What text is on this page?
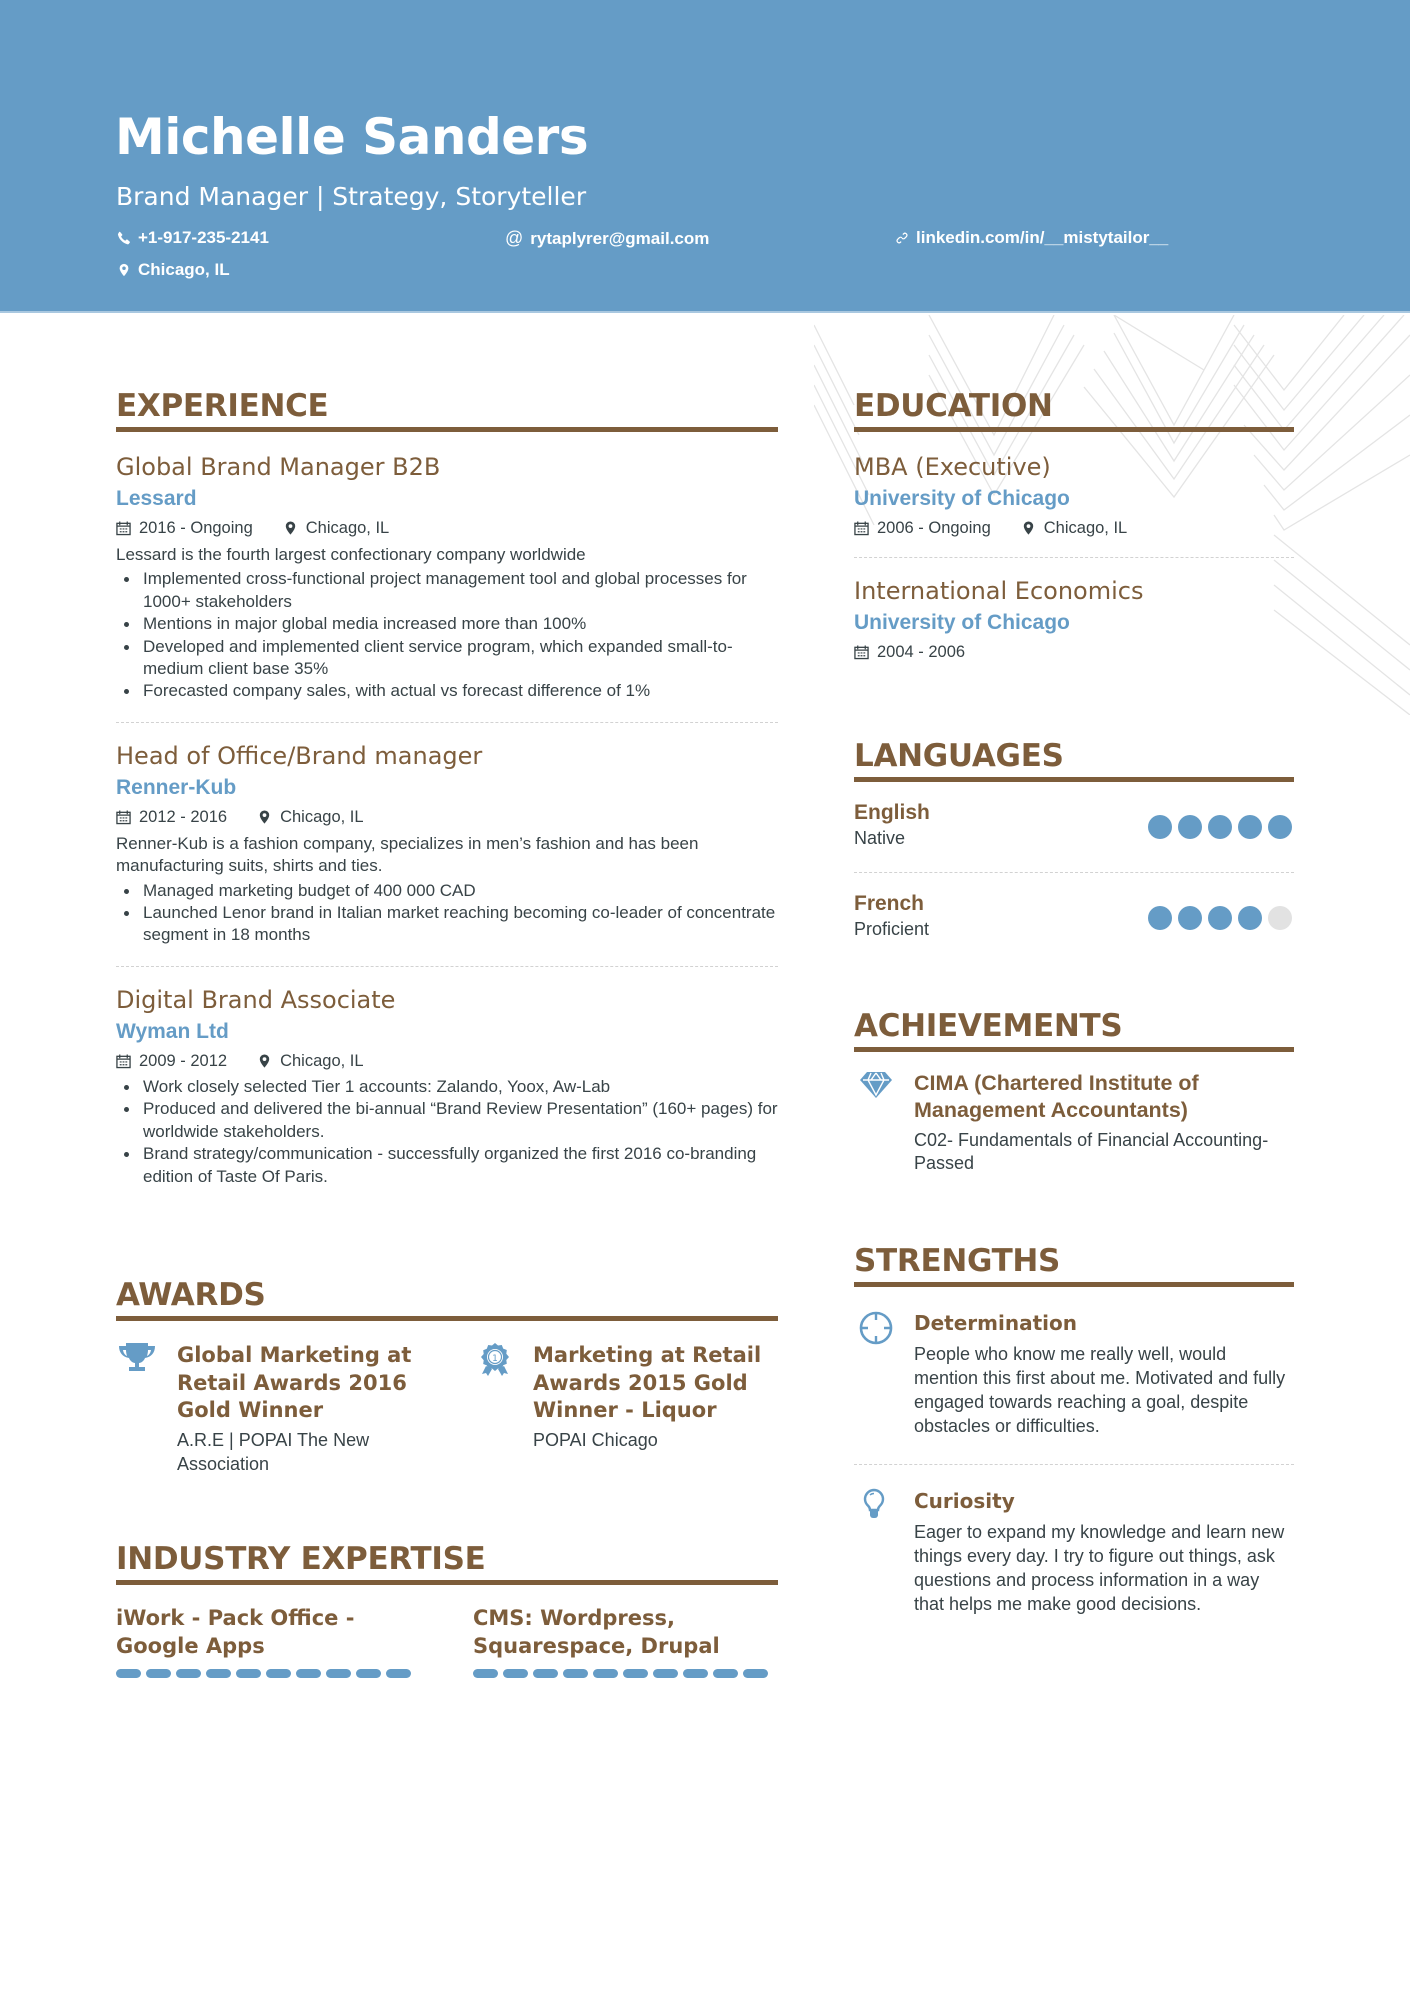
Michelle Sanders
Brand Manager | Strategy, Storyteller
+1-917-235-2141	@ rytaplyrer@gmail.com	linkedin.com/in/__mistytailor__
Chicago, IL
EXPERIENCE
Global Brand Manager B2B
Lessard
2016 - Ongoing	Chicago, IL
Lessard is the fourth largest confectionary company worldwide
Implemented cross-functional project management tool and global processes for 1000+ stakeholders
Mentions in major global media increased more than 100%
Developed and implemented client service program, which expanded small-to-medium client base 35%
Forecasted company sales, with actual vs forecast difference of 1%
Head of Office/Brand manager
Renner-Kub
2012 - 2016	Chicago, IL
Renner-Kub is a fashion company, specializes in men’s fashion and has been manufacturing suits, shirts and ties.
Managed marketing budget of 400 000 CAD
Launched Lenor brand in Italian market reaching becoming co-leader of concentrate segment in 18 months
Digital Brand Associate
Wyman Ltd
2009 - 2012	Chicago, IL
Work closely selected Tier 1 accounts: Zalando, Yoox, Aw-Lab
Produced and delivered the bi-annual “Brand Review Presentation” (160+ pages) for worldwide stakeholders.
Brand strategy/communication - successfully organized the first 2016 co-branding edition of Taste Of Paris.
AWARDS
Global Marketing at Retail Awards 2016 Gold Winner
A.R.E | POPAI The New Association
1 Marketing at Retail Awards 2015 Gold Winner - Liquor
POPAI Chicago
INDUSTRY EXPERTISE
iWork - Pack Office - Google Apps
CMS: Wordpress, Squarespace, Drupal
EDUCATION
MBA (Executive)
University of Chicago
2006 - Ongoing	Chicago, IL
International Economics
University of Chicago
2004 - 2006
LANGUAGES
English
Native
French
Proficient
ACHIEVEMENTS
CIMA (Chartered Institute of Management Accountants)
C02- Fundamentals of Financial Accounting- Passed
STRENGTHS
Determination
People who know me really well, would mention this first about me. Motivated and fully engaged towards reaching a goal, despite obstacles or difficulties.
Curiosity
Eager to expand my knowledge and learn new things every day. I try to figure out things, ask questions and process information in a way that helps me make good decisions.
